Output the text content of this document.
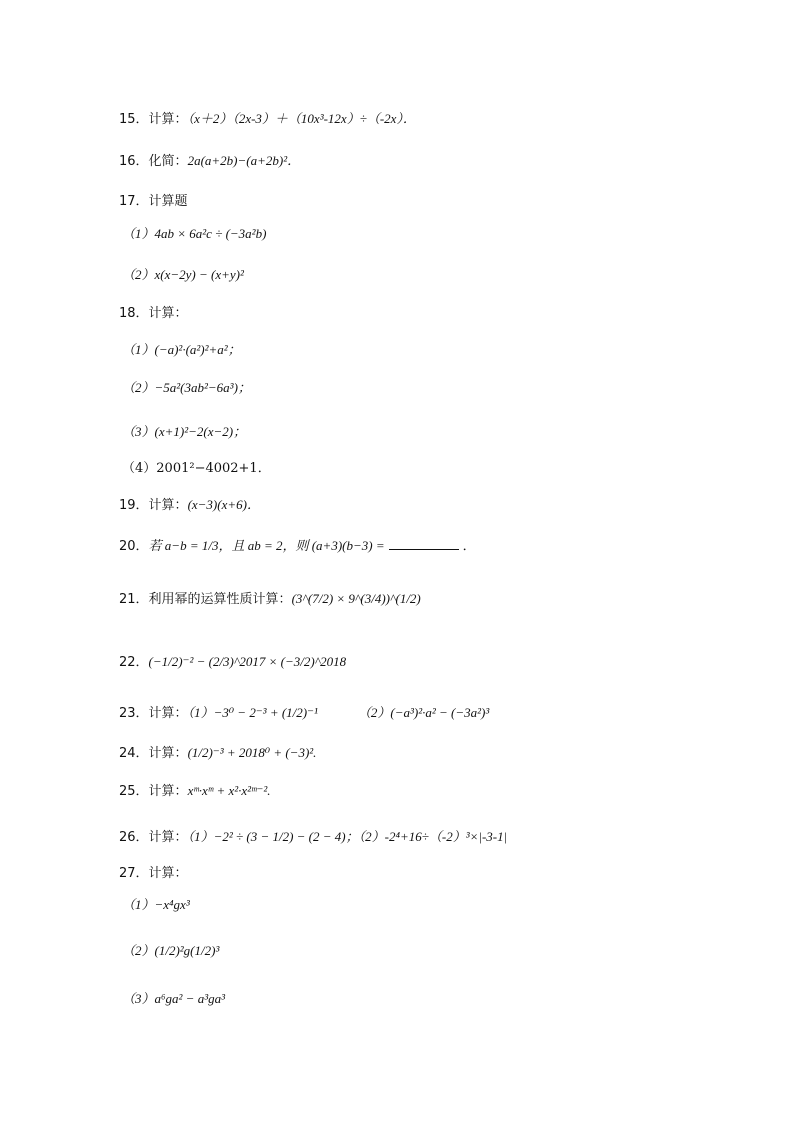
15．计算：（x＋2）（2x-3）＋（10x³-12x）÷（-2x）．
16．化简：2a(a+2b)−(a+2b)²．
17．计算题
（1）4ab × 6a²c ÷ (−3a²b)
（2）x(x−2y) − (x+y)²
18．计算：
（1）(−a)²·(a²)²+a²；
（2）−5a²(3ab²−6a³)；
（3）(x+1)²−2(x−2)；
（4）2001²−4002+1．
19．计算：(x−3)(x+6)．
20．若 a−b = 1/3，且 ab = 2，则 (a+3)(b−3) =	．
21．利用幂的运算性质计算：(3^(7/2) × 9^(3/4))^(1/2)
22．(−1/2)⁻² − (2/3)^2017 × (−3/2)^2018
23．计算：（1）−3⁰ − 2⁻³ + (1/2)⁻¹	（2）(−a³)²·a² − (−3a²)³
24．计算：(1/2)⁻³ + 2018⁰ + (−3)².
25．计算：xᵐ·xᵐ + x²·x²ᵐ⁻².
26．计算：（1）−2² ÷ (3 − 1/2) − (2 − 4)；（2）-2⁴+16÷（-2）³×|-3-1|
27．计算：
（1）−x⁴gx³
（2）(1/2)²g(1/2)³
（3）a⁶ga² − a³ga³
